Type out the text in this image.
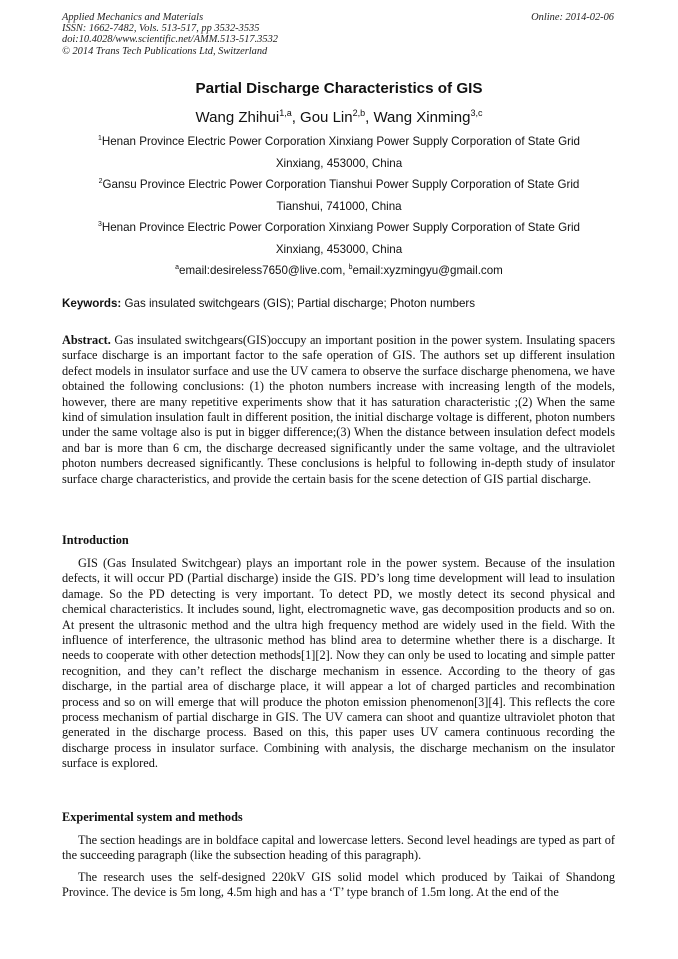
Applied Mechanics and Materials
ISSN: 1662-7482, Vols. 513-517, pp 3532-3535
doi:10.4028/www.scientific.net/AMM.513-517.3532
© 2014 Trans Tech Publications Ltd, Switzerland
Online: 2014-02-06
Partial Discharge Characteristics of GIS
Wang Zhihui$^{1,a}$, Gou Lin$^{2,b}$, Wang Xinming$^{3,c}$
$^1$Henan Province Electric Power Corporation Xinxiang Power Supply Corporation of State Grid
Xinxiang, 453000, China
$^2$Gansu Province Electric Power Corporation Tianshui Power Supply Corporation of State Grid
Tianshui, 741000, China
$^3$Henan Province Electric Power Corporation Xinxiang Power Supply Corporation of State Grid
Xinxiang, 453000, China
$^a$email:desireless7650@live.com, $^b$email:xyzmingyu@gmail.com
Keywords: Gas insulated switchgears (GIS); Partial discharge; Photon numbers

Abstract. Gas insulated switchgears(GIS)occupy an important position in the power system. Insulating spacers surface discharge is an important factor to the safe operation of GIS. The authors set up different insulation defect models in insulator surface and use the UV camera to observe the surface discharge phenomena, we have obtained the following conclusions: (1) the photon numbers increase with increasing length of the models, however, there are many repetitive experiments show that it has saturation characteristic ;(2) When the same kind of simulation insulation fault in different position, the initial discharge voltage is different, photon numbers under the same voltage also is put in bigger difference;(3) When the distance between insulation defect models and bar is more than 6 cm, the discharge decreased significantly under the same voltage, and the ultraviolet photon numbers decreased significantly. These conclusions is helpful to following in-depth study of insulator surface charge characteristics, and provide the certain basis for the scene detection of GIS partial discharge.

Introduction

GIS (Gas Insulated Switchgear) plays an important role in the power system. Because of the insulation defects, it will occur PD (Partial discharge) inside the GIS. PD’s long time development will lead to insulation damage. So the PD detecting is very important. To detect PD, we mostly detect its second physical and chemical characteristics. It includes sound, light, electromagnetic wave, gas decomposition products and so on. At present the ultrasonic method and the ultra high frequency method are widely used in the field. With the influence of interference, the ultrasonic method has blind area to determine whether there is a discharge. It needs to cooperate with other detection methods[1][2]. Now they can only be used to locating and simple patter recognition, and they can’t reflect the discharge mechanism in essence. According to the theory of gas discharge, in the partial area of discharge place, it will appear a lot of charged particles and recombination process and so on will emerge that will produce the photon emission phenomenon[3][4]. This reflects the core process mechanism of partial discharge in GIS. The UV camera can shoot and quantize ultraviolet photon that generated in the discharge process. Based on this, this paper uses UV camera continuous recording the discharge process in insulator surface. Combining with analysis, the discharge mechanism on the insulator surface is explored.

Experimental system and methods

The section headings are in boldface capital and lowercase letters. Second level headings are typed as part of the succeeding paragraph (like the subsection heading of this paragraph).

The research uses the self-designed 220kV GIS solid model which produced by Taikai of Shandong Province. The device is 5m long, 4.5m high and has a ‘T’ type branch of 1.5m long. At the end of the
